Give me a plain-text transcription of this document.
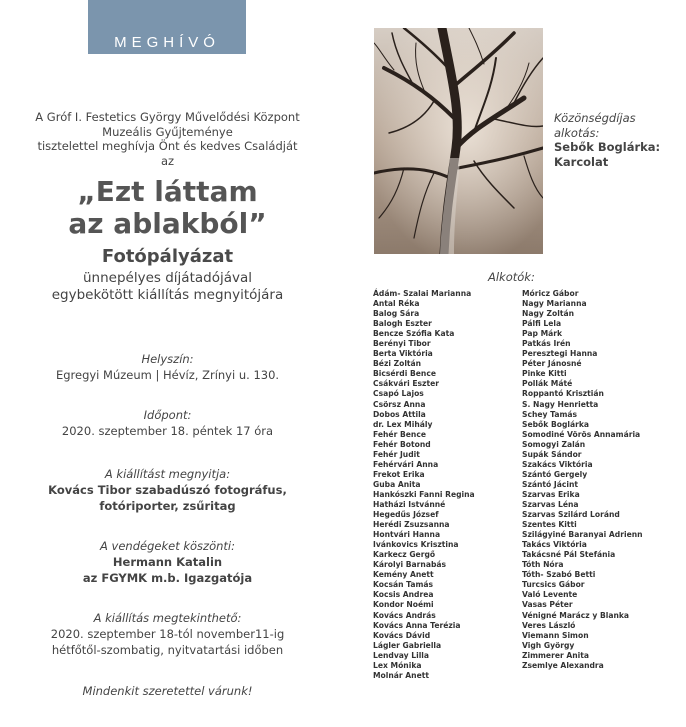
MEGHÍVÓ
A Gróf I. Festetics György Művelődési Központ
Muzeális Gyűjteménye
tisztelettel meghívja Önt és kedves Családját
az
„Ezt láttam
az ablakból”
Fotópályázat
ünnepélyes díjátadójával
egybekötött kiállítás megnyitójára
Helyszín:
Egregyi Múzeum | Hévíz, Zrínyi u. 130.
Időpont:
2020. szeptember 18. péntek 17 óra
A kiállítást megnyitja:
Kovács Tibor szabadúszó fotográfus,
fotóriporter, zsűritag
A vendégeket köszönti:
Hermann Katalin
az FGYMK m.b. Igazgatója
A kiállítás megtekinthető:
2020. szeptember 18-tól november11-ig
hétfőtől-szombatig, nyitvatartási időben
Mindenkit szeretettel várunk!
Közönségdíjas
alkotás:
Sebők Boglárka:
Karcolat
Alkotók:
Ádám- Szalai Marianna
Antal Réka
Balog Sára
Balogh Eszter
Bencze Szófia Kata
Berényi Tibor
Berta Viktória
Bézi Zoltán
Bicsérdi Bence
Csákvári Eszter
Csapó Lajos
Csörsz Anna
Dobos Attila
dr. Lex Mihály
Fehér Bence
Fehér Botond
Fehér Judit
Fehérvári Anna
Frekot Erika
Guba Anita
Hankószki Fanni Regina
Hatházi Istvánné
Hegedűs József
Herédi Zsuzsanna
Hontvári Hanna
Ivánkovics Krisztina
Karkecz Gergő
Károlyi Barnabás
Kemény Anett
Kocsán Tamás
Kocsis Andrea
Kondor Noémi
Kovács András
Kovács Anna Terézia
Kovács Dávid
Lágler Gabriella
Lendvay Lilla
Lex Mónika
Molnár Anett
Móricz Gábor
Nagy Marianna
Nagy Zoltán
Pálfi Lela
Pap Márk
Patkás Irén
Peresztegi Hanna
Péter Jánosné
Pinke Kitti
Pollák Máté
Roppantó Krisztián
S. Nagy Henrietta
Schey Tamás
Sebők Boglárka
Somodiné Vörös Annamária
Somogyi Zalán
Supák Sándor
Szakács Viktória
Szántó Gergely
Szántó Jácint
Szarvas Erika
Szarvas Léna
Szarvas Szilárd Loránd
Szentes Kitti
Szilágyiné Baranyai Adrienn
Takács Viktória
Takácsné Pál Stefánia
Tóth Nóra
Tóth- Szabó Betti
Turcsics Gábor
Való Levente
Vasas Péter
Vénigné Marácz y Blanka
Veres László
Viemann Simon
Vigh György
Zimmerer Anita
Zsemlye Alexandra
